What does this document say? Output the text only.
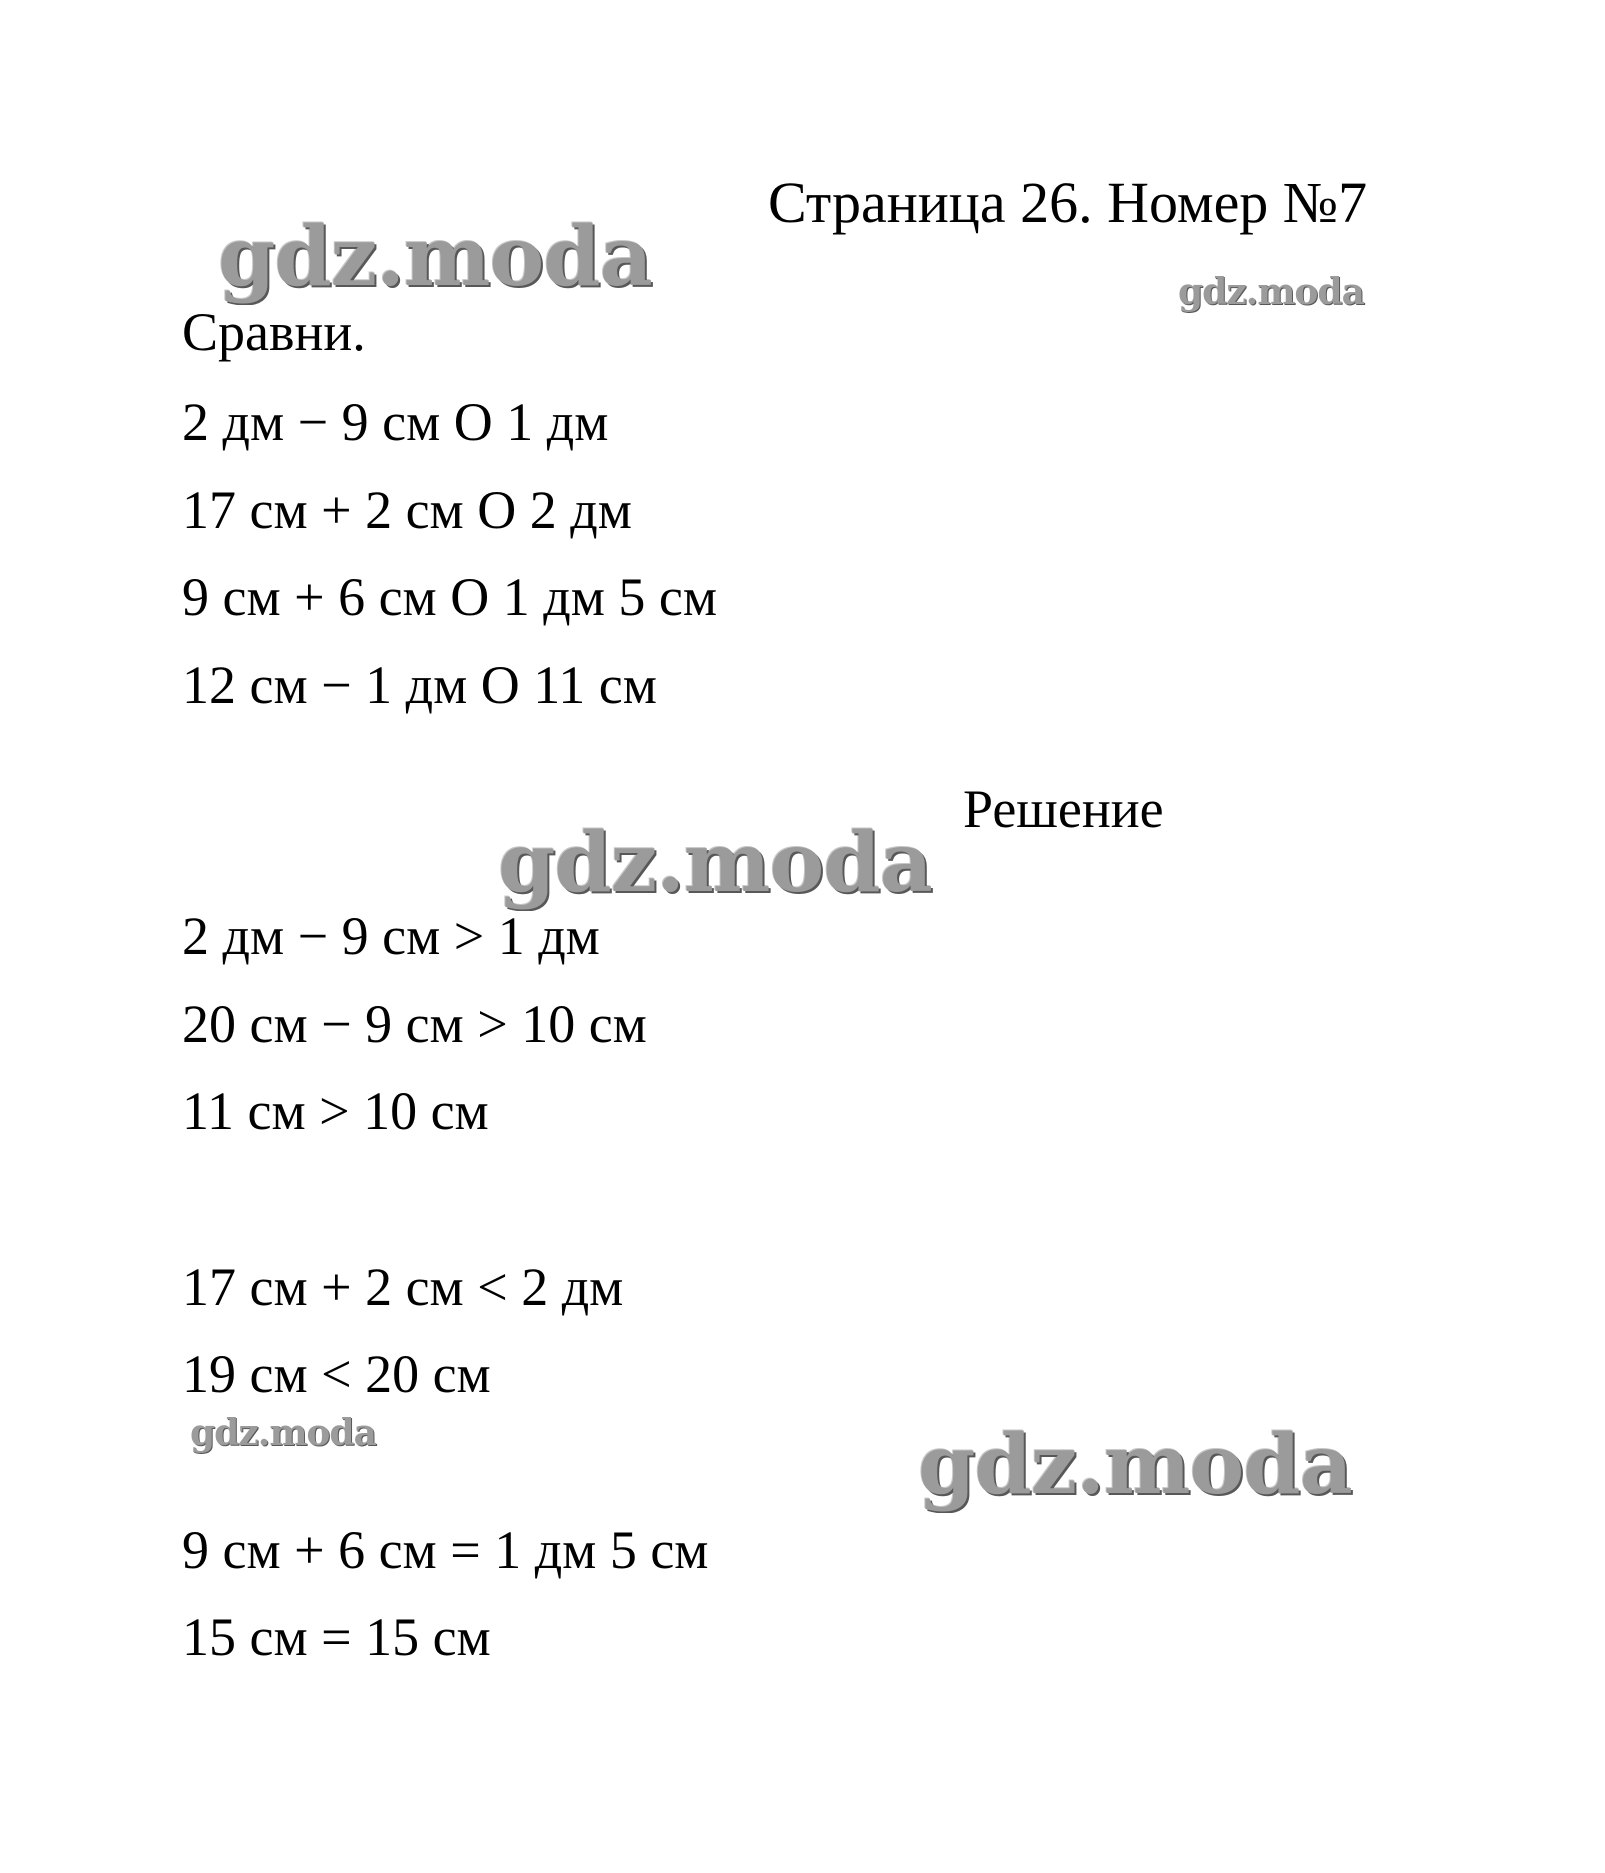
Страница 26. Номер №7
gdz.moda	gdz.moda
gdz.moda
gdz.moda	gdz.moda
Сравни.
2 дм − 9 см О 1 дм
17 см + 2 см О 2 дм
9 см + 6 см О 1 дм 5 см
12 см − 1 дм О 11 см
Решение
2 дм − 9 см > 1 дм
20 см − 9 см > 10 см
11 см > 10 см
17 см + 2 см < 2 дм
19 см < 20 см
9 см + 6 см = 1 дм 5 см
15 см = 15 см
